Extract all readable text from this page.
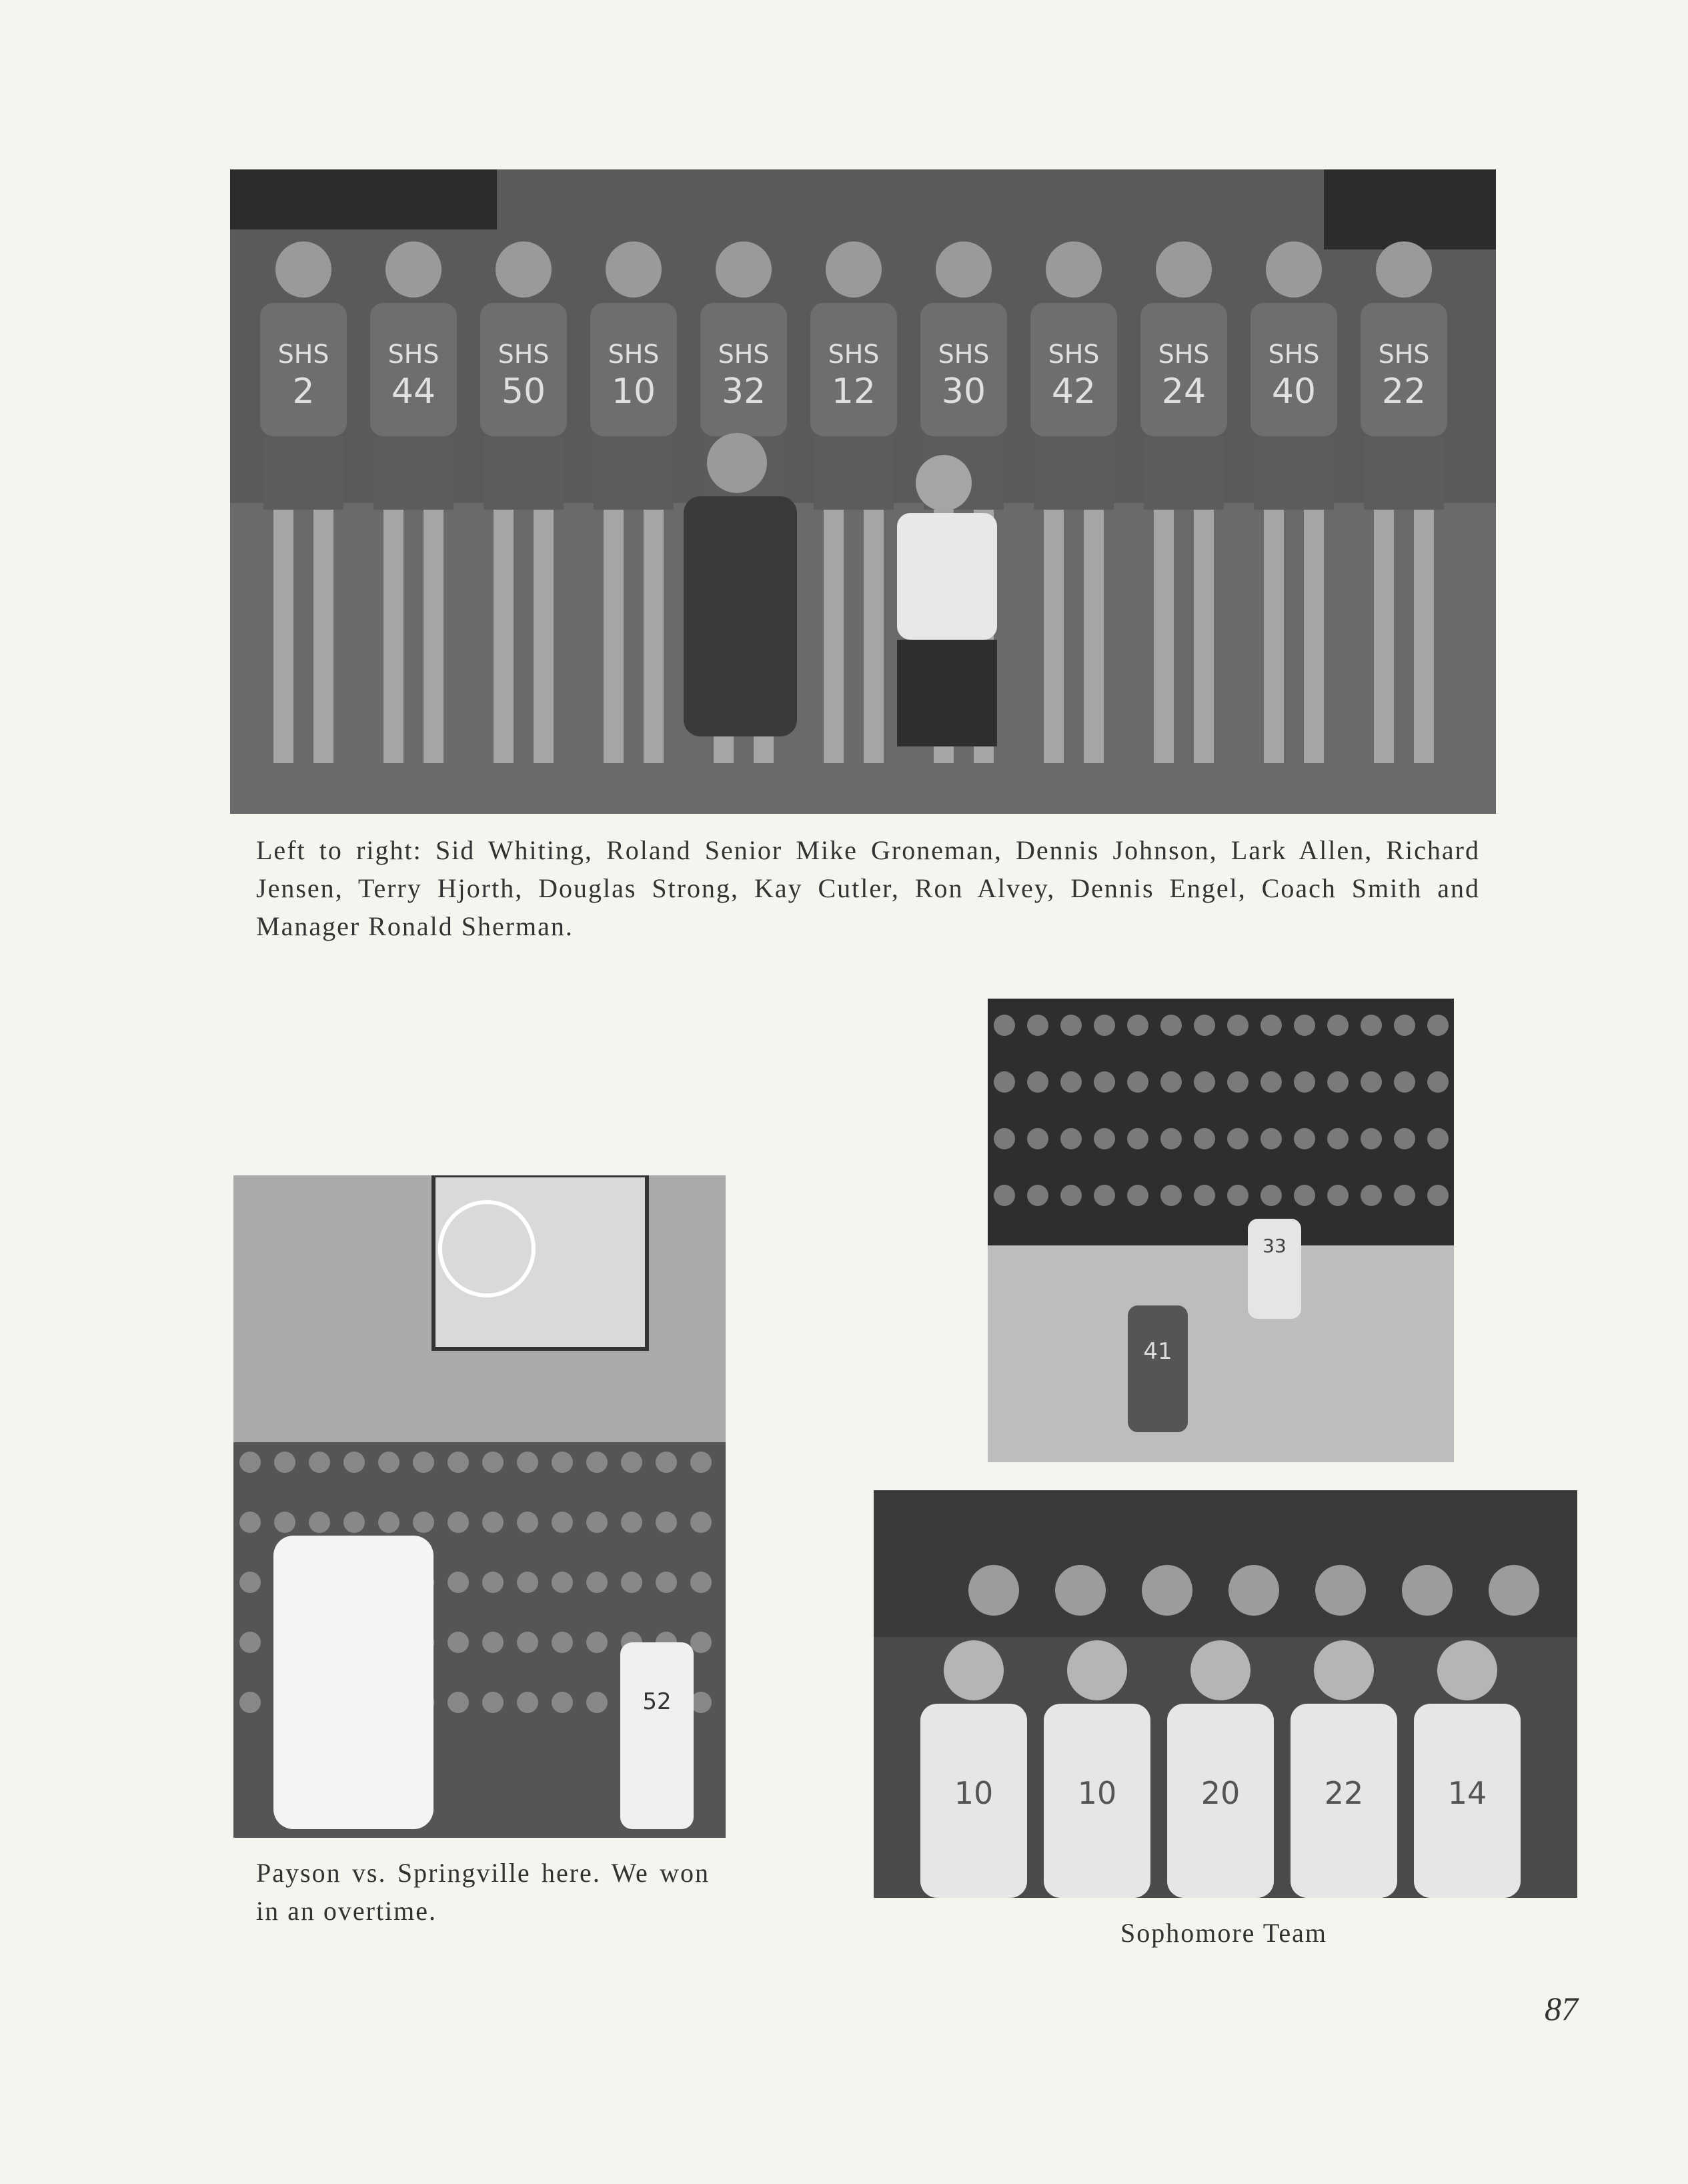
SHS
2
SHS
44
SHS
50
SHS
10
SHS
32
SHS
12
SHS
30
SHS
42
SHS
24
SHS
40
SHS
22
Left to right: Sid Whiting, Roland Senior Mike Groneman, Dennis Johnson, Lark Allen, Richard Jensen, Terry Hjorth, Douglas Strong, Kay Cutler, Ron Alvey, Dennis Engel, Coach Smith and Manager Ronald Sherman.
41
33
52
Payson vs. Springville here. We won in an overtime.
10	10	20	22	14
Sophomore Team
87
